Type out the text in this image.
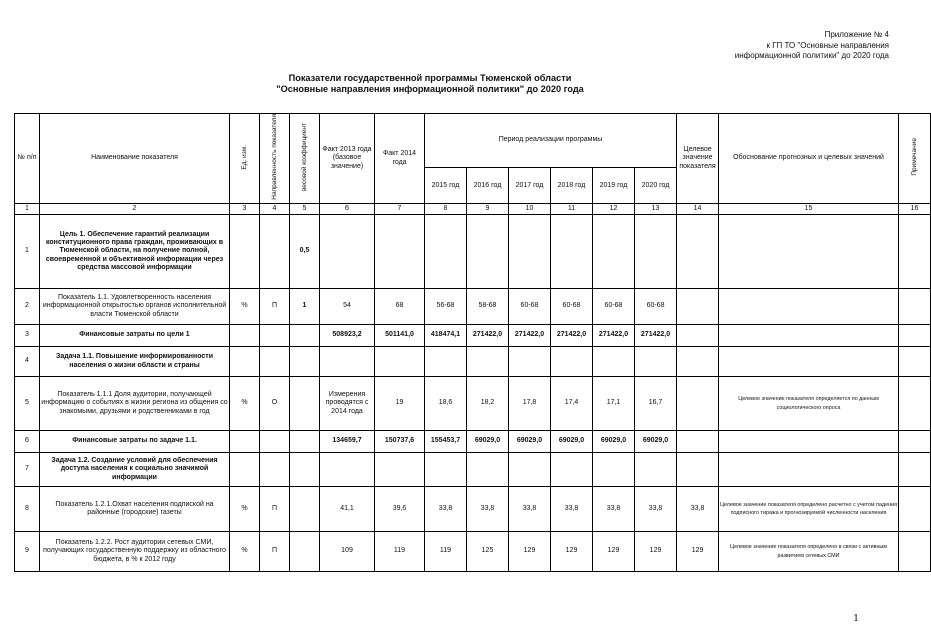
Приложение № 4
к ГП ТО "Основные направления
информационной политики" до 2020 года
Показатели государственной программы Тюменской области
"Основные направления информационной политики" до 2020 года
№ п/п	Наименование показателя	Ед. изм.	Направленность показателя	весовой коэффициент	Факт 2013 года (базовое значение)	Факт 2014 года	Период реализации программы						Целевое значение показателя	Обоснование прогнозных и целевых значений	Примечание
							2015 год	2016 год	2017 год	2018 год	2019 год	2020 год			
1	2	3	4	5	6	7	8	9	10	11	12	13	14	15	16
1	Цель 1. Обеспечение гарантий реализации конституционного права граждан, проживающих в Тюменской области, на получение полной, своевременной и объективной информации через средства массовой информации			0,5											
2	Показатель 1.1. Удовлетворенность населения информационной открытостью органов исполнительной власти Тюменской области	%	П	1	54	68	56-68	58-68	60-68	60-68	60-68	60-68			
3	Финансовые затраты по цели 1				508923,2	501141,0	418474,1	271422,0	271422,0	271422,0	271422,0	271422,0			
4	Задача 1.1. Повышение информированности населения о жизни области и страны														
5	Показатель 1.1.1 Доля аудитории, получающей информацию о событиях в жизни региона из общения со знакомыми, друзьями и родственниками в год	%	О		Измерения проводятся с 2014 года	19	18,6	18,2	17,8	17,4	17,1	16,7		Целевое значение показателя определяется по данным социологического опроса	
6	Финансовые затраты по задаче 1.1.				134659,7	150737,6	155453,7	69029,0	69029,0	69029,0	69029,0	69029,0			
7	Задача 1.2. Создание условий для обеспечения доступа населения к социально значимой информации														
8	Показатель 1.2.1.Охват населения подпиской на районные (городские) газеты	%	П		41,1	39,6	33,8	33,8	33,8	33,8	33,8	33,8	33,8	Целевое значение показателя определено расчетно с учетом падения подписного тиража и прогнозируемой численности населения	
9	Показатель 1.2.2. Рост аудитории сетевых СМИ, получающих государственную поддержку из областного бюджета, в % к 2012 году	%	П		109	119	119	125	129	129	129	129	129	Целевое значение показателя определено в связи с активным развитием сетевых СМИ	
1
